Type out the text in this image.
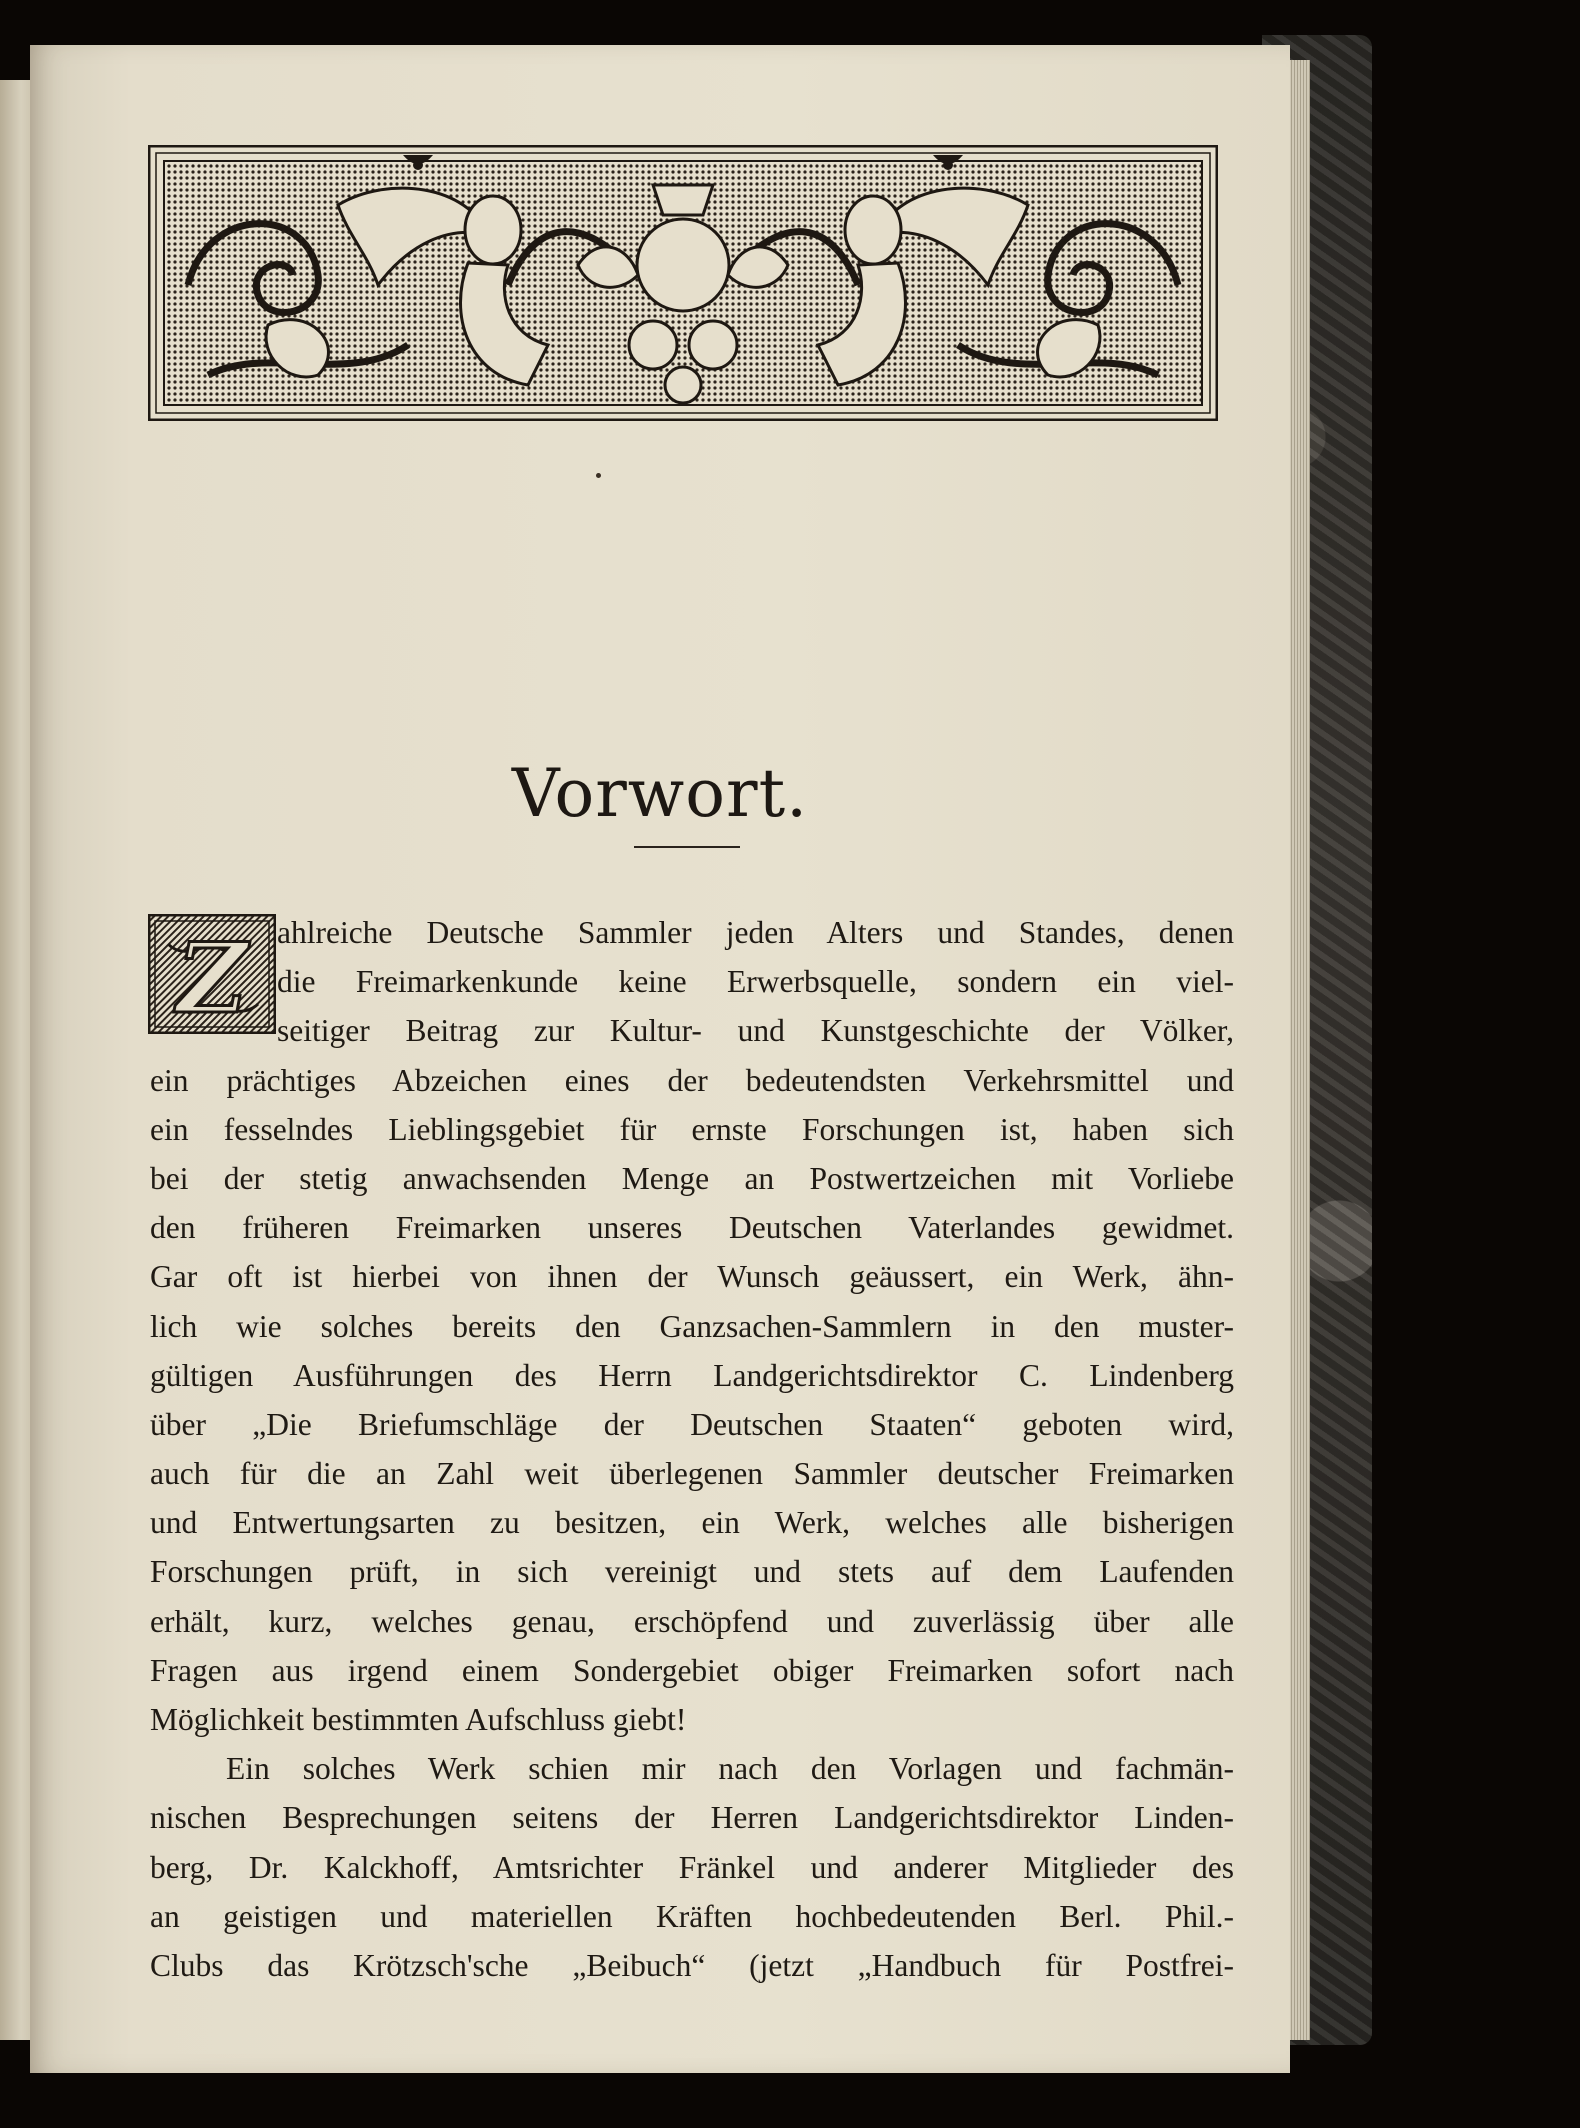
Vorwort.
Z ahlreiche Deutsche Sammler jeden Alters und Standes, denen
die Freimarkenkunde keine Erwerbsquelle, sondern ein viel-
seitiger Beitrag zur Kultur- und Kunstgeschichte der Völker,
ein prächtiges Abzeichen eines der bedeutendsten Verkehrsmittel und
ein fesselndes Lieblingsgebiet für ernste Forschungen ist, haben sich
bei der stetig anwachsenden Menge an Postwertzeichen mit Vorliebe
den früheren Freimarken unseres Deutschen Vaterlandes gewidmet.
Gar oft ist hierbei von ihnen der Wunsch geäussert, ein Werk, ähn-
lich wie solches bereits den Ganzsachen-Sammlern in den muster-
gültigen Ausführungen des Herrn Landgerichtsdirektor C. Lindenberg
über „Die Briefumschläge der Deutschen Staaten“ geboten wird,
auch für die an Zahl weit überlegenen Sammler deutscher Freimarken
und Entwertungsarten zu besitzen, ein Werk, welches alle bisherigen
Forschungen prüft, in sich vereinigt und stets auf dem Laufenden
erhält, kurz, welches genau, erschöpfend und zuverlässig über alle
Fragen aus irgend einem Sondergebiet obiger Freimarken sofort nach
Möglichkeit bestimmten Aufschluss giebt!
Ein solches Werk schien mir nach den Vorlagen und fachmän-
nischen Besprechungen seitens der Herren Landgerichtsdirektor Linden-
berg, Dr. Kalckhoff, Amtsrichter Fränkel und anderer Mitglieder des
an geistigen und materiellen Kräften hochbedeutenden Berl. Phil.-
Clubs das Krötzsch'sche „Beibuch“ (jetzt „Handbuch für Postfrei-
